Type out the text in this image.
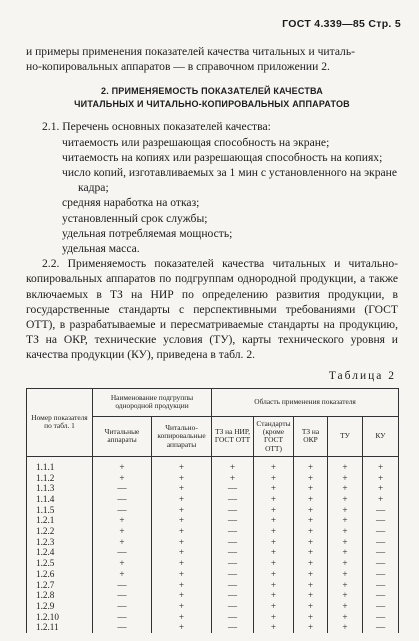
ГОСТ 4.339—85 Стр. 5

и примеры применения показателей качества читальных и читаль-

но-копировальных аппаратов — в справочном приложении 2.

2. ПРИМЕНЯЕМОСТЬ ПОКАЗАТЕЛЕЙ КАЧЕСТВА
ЧИТАЛЬНЫХ И ЧИТАЛЬНО-КОПИРОВАЛЬНЫХ АППАРАТОВ

2.1. Перечень основных показателей качества:

читаемость или разрешающая способность на экране;

читаемость на копиях или разрешающая способность на копиях;

число копий, изготавливаемых за 1 мин с установленного на экране кадра;

средняя наработка на отказ;

установленный срок службы;

удельная потребляемая мощность;

удельная масса.

2.2. Применяемость показателей качества читальных и читально-копировальных аппаратов по подгруппам однородной продукции, а также включаемых в ТЗ на НИР по определению развития продукции, в государственные стандарты с перспективными требованиями (ГОСТ ОТТ), в разрабатываемые и пересматриваемые стандарты на продукцию, ТЗ на ОКР, технические условия (ТУ), карты технического уровня и качества продукции (КУ), приведена в табл. 2.

Таблица 2
Номер показателя по табл. 1	Наименование подгруппы однородной продукции		Область применения показателя				
	Читальные аппараты	Читально-копировальные аппараты	ТЗ на НИР, ГОСТ ОТТ	Стандарты (кроме ГОСТ ОТТ)	ТЗ на ОКР	ТУ	КУ
1.1.1	+	+	+	+	+	+	+
1.1.2	+	+	+	+	+	+	+
1.1.3	—	+	—	+	+	+	+
1.1.4	—	+	—	+	+	+	+
1.1.5	—	+	—	+	+	+	—
1.2.1	+	+	—	+	+	+	—
1.2.2	+	+	—	+	+	+	—
1.2.3	+	+	—	+	+	+	—
1.2.4	—	+	—	+	+	+	—
1.2.5	+	+	—	+	+	+	—
1.2.6	+	+	—	+	+	+	—
1.2.7	—	+	—	+	+	+	—
1.2.8	—	+	—	+	+	+	—
1.2.9	—	+	—	+	+	+	—
1.2.10	—	+	—	+	+	+	—
1.2.11	—	+	—	+	+	+	—
